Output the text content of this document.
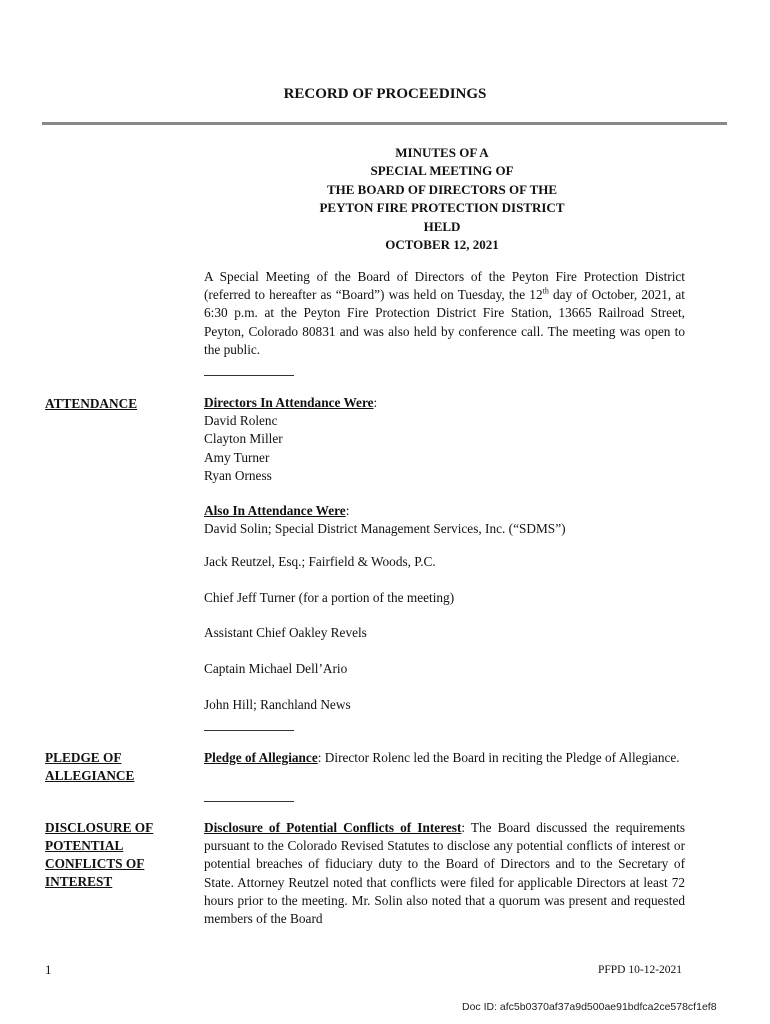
RECORD OF PROCEEDINGS
MINUTES OF A
SPECIAL MEETING OF
THE BOARD OF DIRECTORS OF THE
PEYTON FIRE PROTECTION DISTRICT
HELD
OCTOBER 12, 2021
A Special Meeting of the Board of Directors of the Peyton Fire Protection District (referred to hereafter as “Board”) was held on Tuesday, the 12th day of October, 2021, at 6:30 p.m. at the Peyton Fire Protection District Fire Station, 13665 Railroad Street, Peyton, Colorado 80831 and was also held by conference call. The meeting was open to the public.
ATTENDANCE	Directors In Attendance Were:
David Rolenc
Clayton Miller
Amy Turner
Ryan Orness
Also In Attendance Were:
David Solin; Special District Management Services, Inc. (“SDMS”)
Jack Reutzel, Esq.; Fairfield & Woods, P.C.
Chief Jeff Turner (for a portion of the meeting)
Assistant Chief Oakley Revels
Captain Michael Dell’Ario
John Hill; Ranchland News
PLEDGE OF
ALLEGIANCE
Pledge of Allegiance: Director Rolenc led the Board in reciting the Pledge of Allegiance.
DISCLOSURE OF
POTENTIAL
CONFLICTS OF
INTEREST
Disclosure of Potential Conflicts of Interest: The Board discussed the requirements pursuant to the Colorado Revised Statutes to disclose any potential conflicts of interest or potential breaches of fiduciary duty to the Board of Directors and to the Secretary of State. Attorney Reutzel noted that conflicts were filed for applicable Directors at least 72 hours prior to the meeting. Mr. Solin also noted that a quorum was present and requested members of the Board
1	PFPD 10-12-2021
Doc ID: afc5b0370af37a9d500ae91bdfca2ce578cf1ef8
